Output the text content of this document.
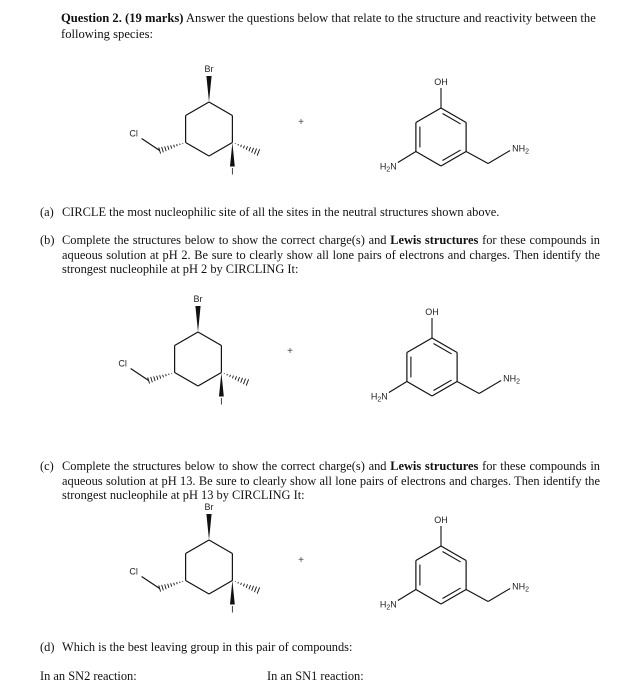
Question 2. (19 marks) Answer the questions below that relate to the structure and reactivity between the following species:
Br
Cl
I
+
OH
$NH_2$
$H_2N$
Br
Cl
I
+
OH
$NH_2$
$H_2N$
Br
Cl
I
+
OH
$NH_2$
$H_2N$
(a) CIRCLE the most nucleophilic site of all the sites in the neutral structures shown above.
(b) Complete the structures below to show the correct charge(s) and Lewis structures for these compounds in aqueous solution at pH 2. Be sure to clearly show all lone pairs of electrons and charges. Then identify the strongest nucleophile at pH 2 by CIRCLING It:
(c) Complete the structures below to show the correct charge(s) and Lewis structures for these compounds in aqueous solution at pH 13. Be sure to clearly show all lone pairs of electrons and charges. Then identify the strongest nucleophile at pH 13 by CIRCLING It:
(d) Which is the best leaving group in this pair of compounds:
In an SN2 reaction:	In an SN1 reaction:
